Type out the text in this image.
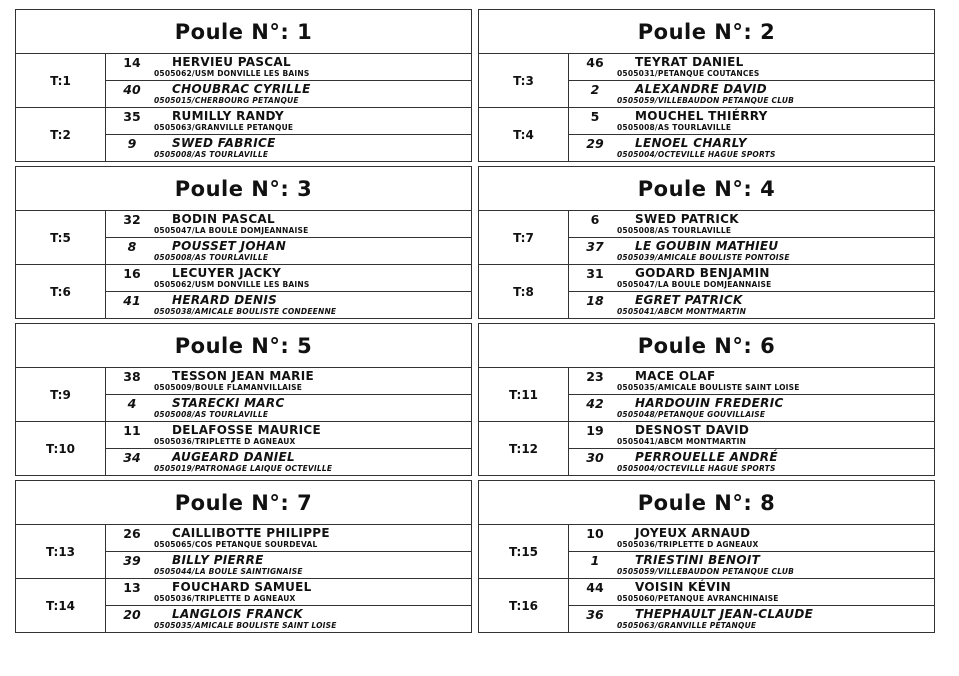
Poule N°: 1
T:1
14	HERVIEU PASCAL
0505062/USM DONVILLE LES BAINS
40	CHOUBRAC CYRILLE
0505015/CHERBOURG PETANQUE
T:2
35	RUMILLY RANDY
0505063/GRANVILLE PETANQUE
9	SWED FABRICE
0505008/AS TOURLAVILLE
Poule N°: 2
T:3
46	TEYRAT DANIEL
0505031/PETANQUE COUTANCES
2	ALEXANDRE DAVID
0505059/VILLEBAUDON PETANQUE CLUB
T:4
5	MOUCHEL THIÉRRY
0505008/AS TOURLAVILLE
29	LENOEL CHARLY
0505004/OCTEVILLE HAGUE SPORTS
Poule N°: 3
T:5
32	BODIN PASCAL
0505047/LA BOULE DOMJEANNAISE
8	POUSSET JOHAN
0505008/AS TOURLAVILLE
T:6
16	LECUYER JACKY
0505062/USM DONVILLE LES BAINS
41	HERARD DENIS
0505038/AMICALE BOULISTE CONDEENNE
Poule N°: 4
T:7
6	SWED PATRICK
0505008/AS TOURLAVILLE
37	LE GOUBIN MATHIEU
0505039/AMICALE BOULISTE PONTOISE
T:8
31	GODARD BENJAMIN
0505047/LA BOULE DOMJEANNAISE
18	EGRET PATRICK
0505041/ABCM MONTMARTIN
Poule N°: 5
T:9
38	TESSON JEAN MARIE
0505009/BOULE FLAMANVILLAISE
4	STARECKI MARC
0505008/AS TOURLAVILLE
T:10
11	DELAFOSSE MAURICE
0505036/TRIPLETTE D AGNEAUX
34	AUGEARD DANIEL
0505019/PATRONAGE LAIQUE OCTEVILLE
Poule N°: 6
T:11
23	MACE OLAF
0505035/AMICALE BOULISTE SAINT LOISE
42	HARDOUIN FREDERIC
0505048/PETANQUE GOUVILLAISE
T:12
19	DESNOST DAVID
0505041/ABCM MONTMARTIN
30	PERROUELLE ANDRÉ
0505004/OCTEVILLE HAGUE SPORTS
Poule N°: 7
T:13
26	CAILLIBOTTE PHILIPPE
0505065/COS PETANQUE SOURDEVAL
39	BILLY PIERRE
0505044/LA BOULE SAINTIGNAISE
T:14
13	FOUCHARD SAMUEL
0505036/TRIPLETTE D AGNEAUX
20	LANGLOIS FRANCK
0505035/AMICALE BOULISTE SAINT LOISE
Poule N°: 8
T:15
10	JOYEUX ARNAUD
0505036/TRIPLETTE D AGNEAUX
1	TRIESTINI BENOIT
0505059/VILLEBAUDON PETANQUE CLUB
T:16
44	VOISIN KÉVIN
0505060/PETANQUE AVRANCHINAISE
36	THEPHAULT JEAN-CLAUDE
0505063/GRANVILLE PETANQUE
